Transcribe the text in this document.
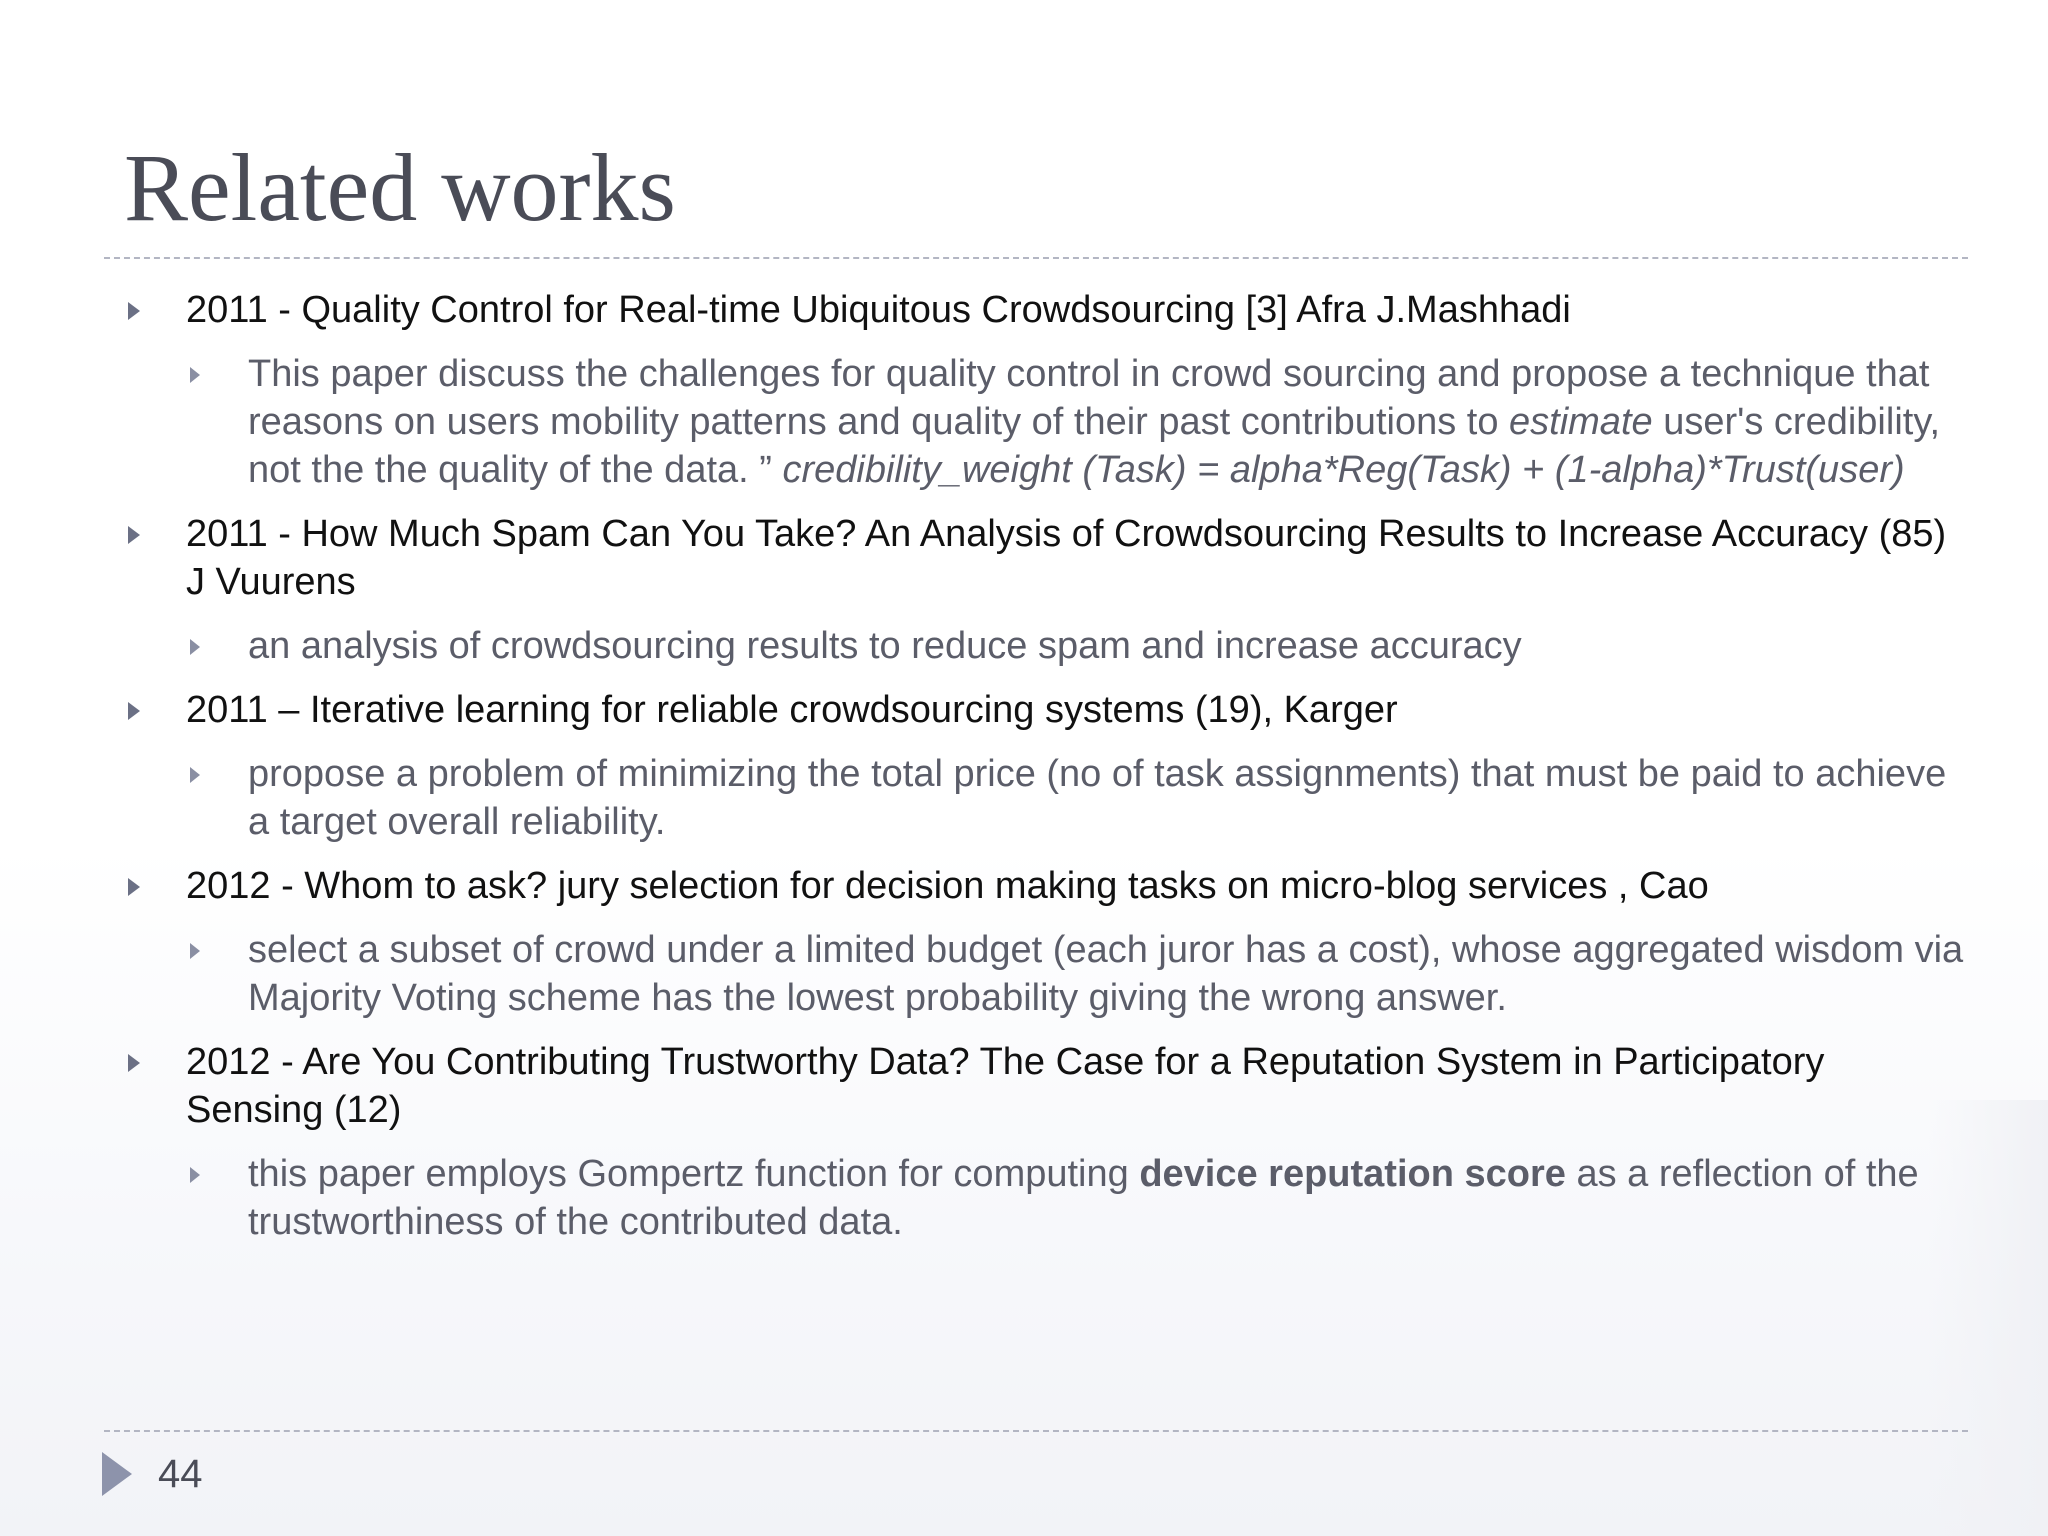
Related works
2011 - Quality Control for Real-time Ubiquitous Crowdsourcing [3] Afra J.Mashhadi
This paper discuss the challenges for quality control in crowd sourcing and propose a technique that reasons on users mobility patterns and quality of their past contributions to estimate user's credibility, not the the quality of the data. ” credibility_weight (Task) = alpha*Reg(Task) + (1-alpha)*Trust(user)
2011 - How Much Spam Can You Take? An Analysis of Crowdsourcing Results to Increase Accuracy (85) J Vuurens
an analysis of crowdsourcing results to reduce spam and increase accuracy
2011 – Iterative learning for reliable crowdsourcing systems (19), Karger
propose a problem of minimizing the total price (no of task assignments) that must be paid to achieve a target overall reliability.
2012 - Whom to ask? jury selection for decision making tasks on micro-blog services , Cao
select a subset of crowd under a limited budget (each juror has a cost), whose aggregated wisdom via Majority Voting scheme has the lowest probability giving the wrong answer.
2012 - Are You Contributing Trustworthy Data? The Case for a Reputation System in Participatory Sensing (12)
this paper employs Gompertz function for computing device reputation score as a reflection of the trustworthiness of the contributed data.
44
